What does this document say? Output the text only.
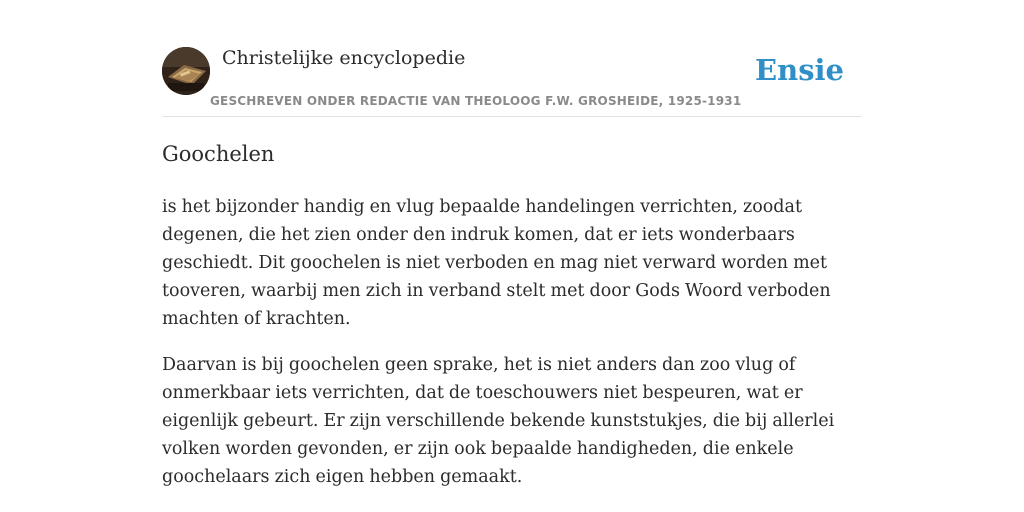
Christelijke encyclopedie
GESCHREVEN ONDER REDACTIE VAN THEOLOOG F.W. GROSHEIDE, 1925-1931
Ensie
Goochelen

is het bijzonder handig en vlug bepaalde handelingen verrichten, zoodat degenen, die het zien onder den indruk komen, dat er iets wonderbaars geschiedt. Dit goochelen is niet verboden en mag niet verward worden met tooveren, waarbij men zich in verband stelt met door Gods Woord verboden machten of krachten.

Daarvan is bij goochelen geen sprake, het is niet anders dan zoo vlug of onmerkbaar iets verrichten, dat de toeschouwers niet bespeuren, wat er eigenlijk gebeurt. Er zijn verschillende bekende kunststukjes, die bij allerlei volken worden gevonden, er zijn ook bepaalde handigheden, die enkele goochelaars zich eigen hebben gemaakt.
